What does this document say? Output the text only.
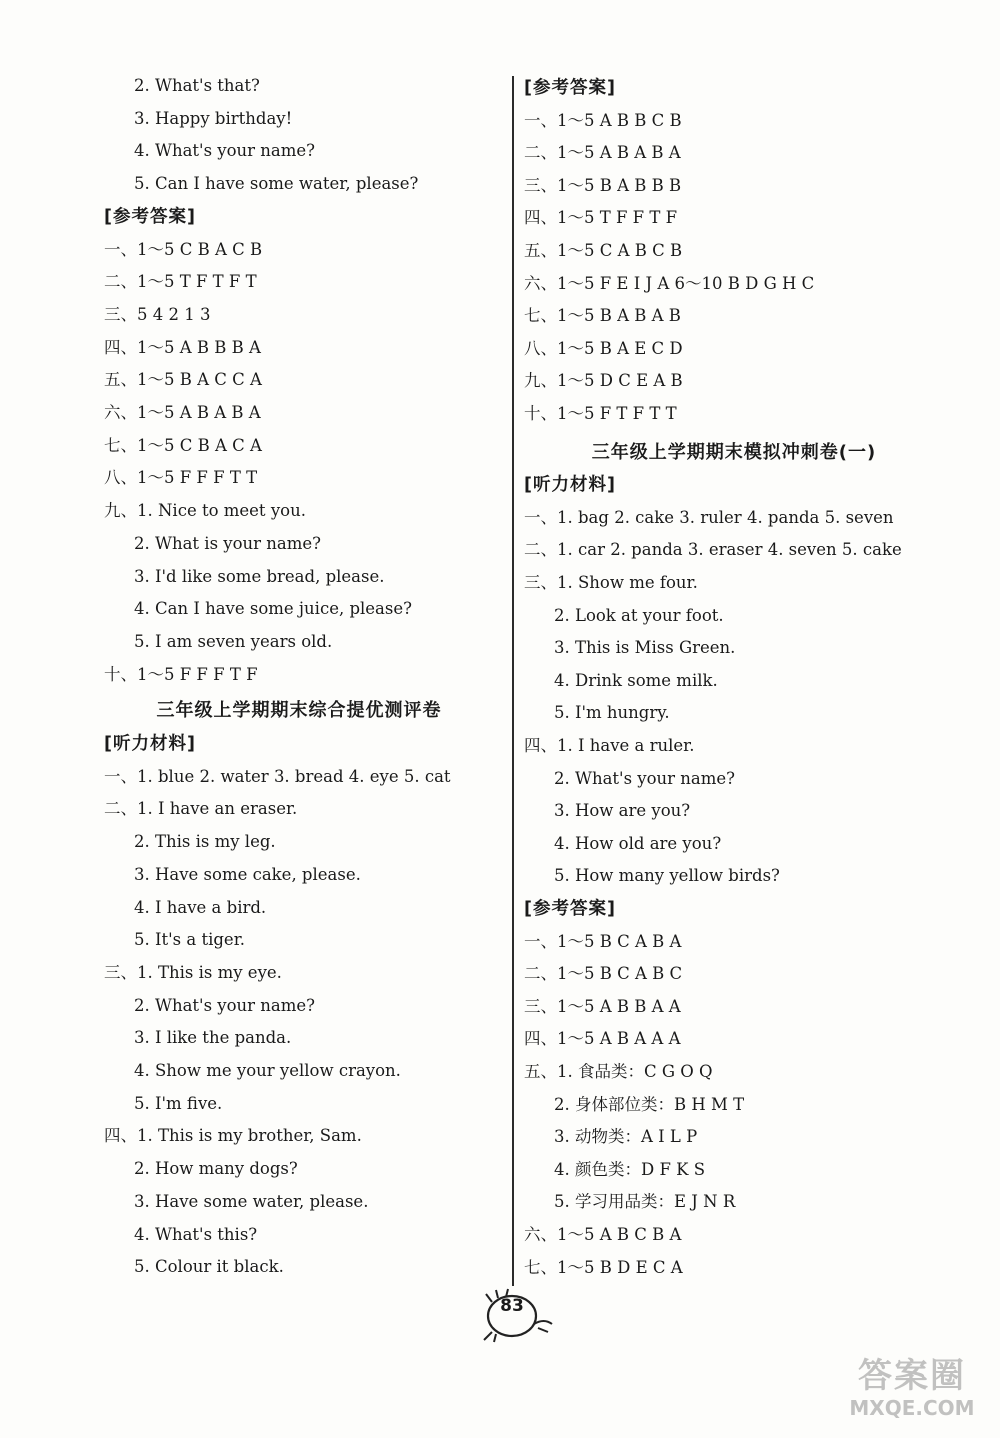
2. What's that?
3. Happy birthday!
4. What's your name?
5. Can I have some water, please?
[参考答案]
一、1～5 C B A C B
二、1～5 T F T F T
三、5 4 2 1 3
四、1～5 A B B B A
五、1～5 B A C C A
六、1～5 A B A B A
七、1～5 C B A C A
八、1～5 F F F T T
九、1. Nice to meet you.
2. What is your name?
3. I'd like some bread, please.
4. Can I have some juice, please?
5. I am seven years old.
十、1～5 F F F T F
三年级上学期期末综合提优测评卷
[听力材料]
一、1. blue 2. water 3. bread 4. eye 5. cat
二、1. I have an eraser.
2. This is my leg.
3. Have some cake, please.
4. I have a bird.
5. It's a tiger.
三、1. This is my eye.
2. What's your name?
3. I like the panda.
4. Show me your yellow crayon.
5. I'm five.
四、1. This is my brother, Sam.
2. How many dogs?
3. Have some water, please.
4. What's this?
5. Colour it black.
[参考答案]
一、1～5 A B B C B
二、1～5 A B A B A
三、1～5 B A B B B
四、1～5 T F F T F
五、1～5 C A B C B
六、1～5 F E I J A 6～10 B D G H C
七、1～5 B A B A B
八、1～5 B A E C D
九、1～5 D C E A B
十、1～5 F T F T T
三年级上学期期末模拟冲刺卷(一)
[听力材料]
一、1. bag 2. cake 3. ruler 4. panda 5. seven
二、1. car 2. panda 3. eraser 4. seven 5. cake
三、1. Show me four.
2. Look at your foot.
3. This is Miss Green.
4. Drink some milk.
5. I'm hungry.
四、1. I have a ruler.
2. What's your name?
3. How are you?
4. How old are you?
5. How many yellow birds?
[参考答案]
一、1～5 B C A B A
二、1～5 B C A B C
三、1～5 A B B A A
四、1～5 A B A A A
五、1. 食品类：C G O Q
2. 身体部位类：B H M T
3. 动物类：A I L P
4. 颜色类：D F K S
5. 学习用品类：E J N R
六、1～5 A B C B A
七、1～5 B D E C A
83
答案圈
MXQE.COM
